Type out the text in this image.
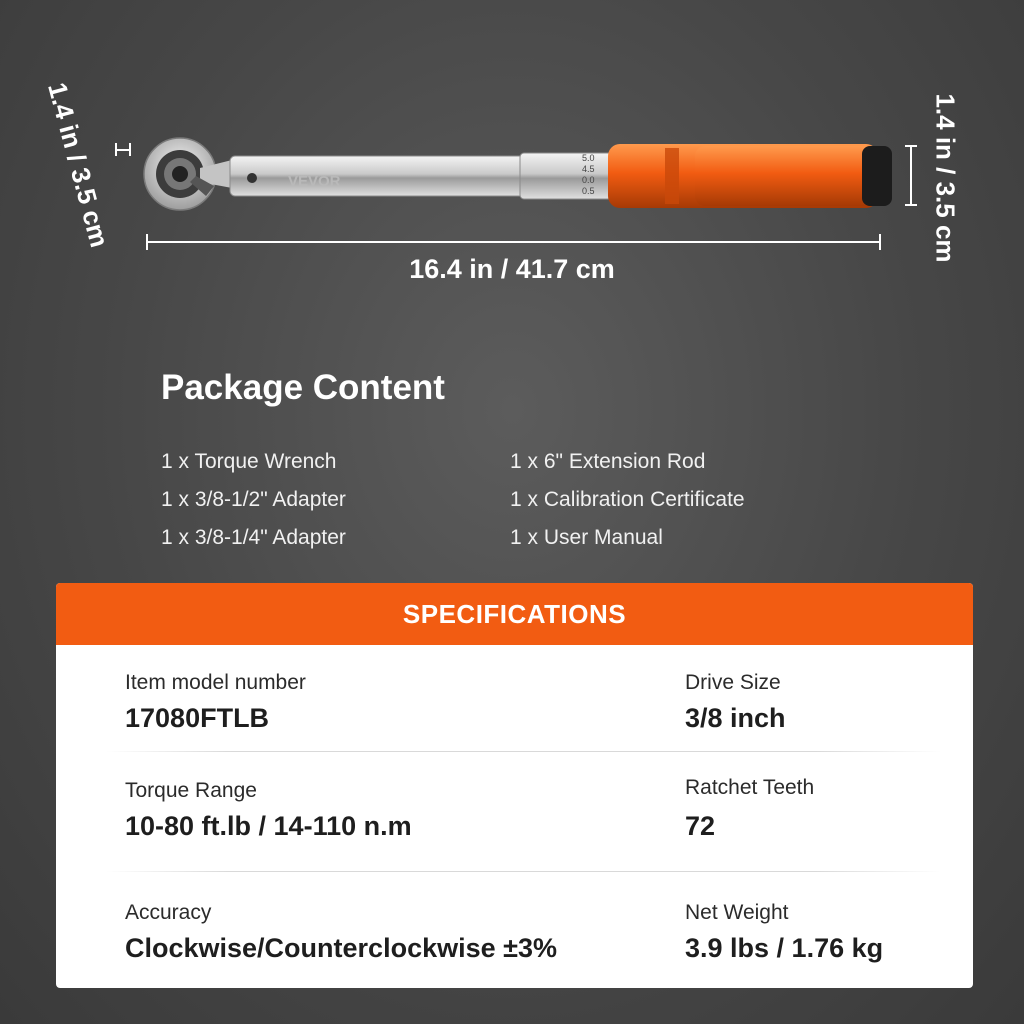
VEVOR
5.0
4.5
0.0
0.5
1.4 in / 3.5 cm	1.4 in / 3.5 cm
16.4 in / 41.7 cm
Package Content
1 x Torque Wrench
1 x 3/8-1/2" Adapter
1 x 3/8-1/4" Adapter
1 x 6" Extension Rod
1 x Calibration Certificate
1 x User Manual
SPECIFICATIONS
Item model number
17080FTLB
Drive Size
3/8 inch
Torque Range
10-80 ft.lb / 14-110 n.m
Ratchet Teeth
72
Accuracy
Clockwise/Counterclockwise ±3%
Net Weight
3.9 lbs / 1.76 kg
